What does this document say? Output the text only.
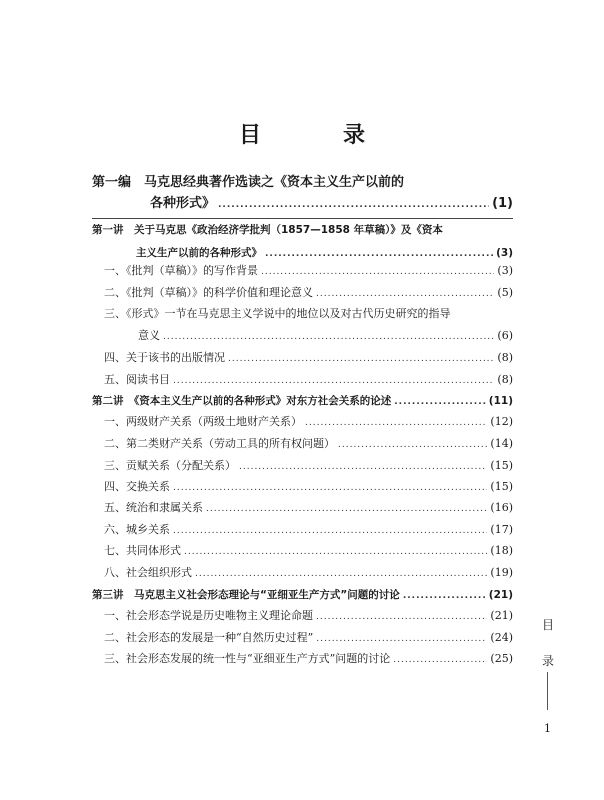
目　录
第一编　马克思经典著作选读之《资本主义生产以前的
各种形式》 .....	(1)
第一讲　关于马克思《政治经济学批判（1857—1858 年草稿）》及《资本
主义生产以前的各种形式》 .....	(3)
一、《批判（草稿）》的写作背景 .....	(3)
二、《批判（草稿）》的科学价值和理论意义 .....	(5)
三、《形式》一节在马克思主义学说中的地位以及对古代历史研究的指导
意义 .....	(6)
四、关于该书的出版情况 .....	(8)
五、阅读书目 .....	(8)
第二讲　《资本主义生产以前的各种形式》对东方社会关系的论述 .....	(11)
一、两级财产关系（两级土地财产关系） .....	(12)
二、第二类财产关系（劳动工具的所有权问题） .....	(14)
三、贡赋关系（分配关系） .....	(15)
四、交换关系 .....	(15)
五、统治和隶属关系 .....	(16)
六、城乡关系 .....	(17)
七、共同体形式 .....	(18)
八、社会组织形式 .....	(19)
第三讲　马克思主义社会形态理论与“亚细亚生产方式”问题的讨论 .....	(21)
一、社会形态学说是历史唯物主义理论命题 .....	(21)
二、社会形态的发展是一种“自然历史过程” .....	(24)
三、社会形态发展的统一性与“亚细亚生产方式”问题的讨论 .....	(25)
目
录
1
